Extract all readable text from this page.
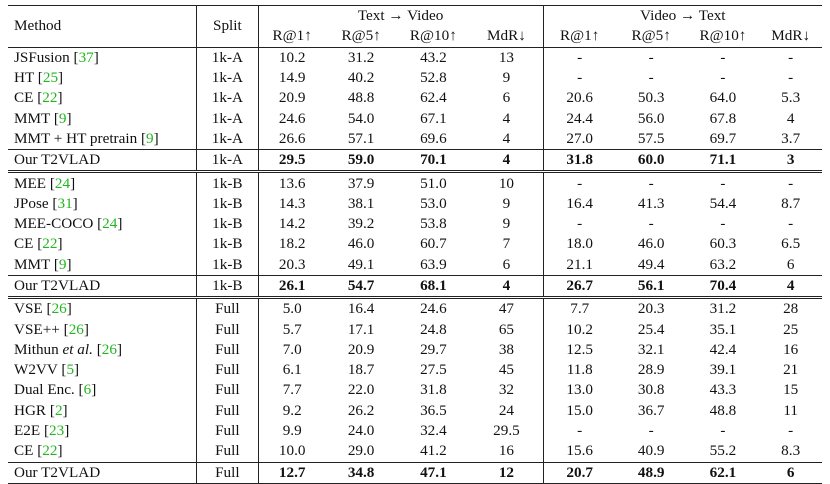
Method	Split	Text → Video				Video → Text			
		R@1↑	R@5↑	R@10↑	MdR↓	R@1↑	R@5↑	R@10↑	MdR↓
JSFusion [37]	1k-A	10.2	31.2	43.2	13	-	-	-	-
HT [25]	1k-A	14.9	40.2	52.8	9	-	-	-	-
CE [22]	1k-A	20.9	48.8	62.4	6	20.6	50.3	64.0	5.3
MMT [9]	1k-A	24.6	54.0	67.1	4	24.4	56.0	67.8	4
MMT + HT pretrain [9]	1k-A	26.6	57.1	69.6	4	27.0	57.5	69.7	3.7
Our T2VLAD	1k-A	29.5	59.0	70.1	4	31.8	60.0	71.1	3
MEE [24]	1k-B	13.6	37.9	51.0	10	-	-	-	-
JPose [31]	1k-B	14.3	38.1	53.0	9	16.4	41.3	54.4	8.7
MEE-COCO [24]	1k-B	14.2	39.2	53.8	9	-	-	-	-
CE [22]	1k-B	18.2	46.0	60.7	7	18.0	46.0	60.3	6.5
MMT [9]	1k-B	20.3	49.1	63.9	6	21.1	49.4	63.2	6
Our T2VLAD	1k-B	26.1	54.7	68.1	4	26.7	56.1	70.4	4
VSE [26]	Full	5.0	16.4	24.6	47	7.7	20.3	31.2	28
VSE++ [26]	Full	5.7	17.1	24.8	65	10.2	25.4	35.1	25
Mithun et al. [26]	Full	7.0	20.9	29.7	38	12.5	32.1	42.4	16
W2VV [5]	Full	6.1	18.7	27.5	45	11.8	28.9	39.1	21
Dual Enc. [6]	Full	7.7	22.0	31.8	32	13.0	30.8	43.3	15
HGR [2]	Full	9.2	26.2	36.5	24	15.0	36.7	48.8	11
E2E [23]	Full	9.9	24.0	32.4	29.5	-	-	-	-
CE [22]	Full	10.0	29.0	41.2	16	15.6	40.9	55.2	8.3
Our T2VLAD	Full	12.7	34.8	47.1	12	20.7	48.9	62.1	6
